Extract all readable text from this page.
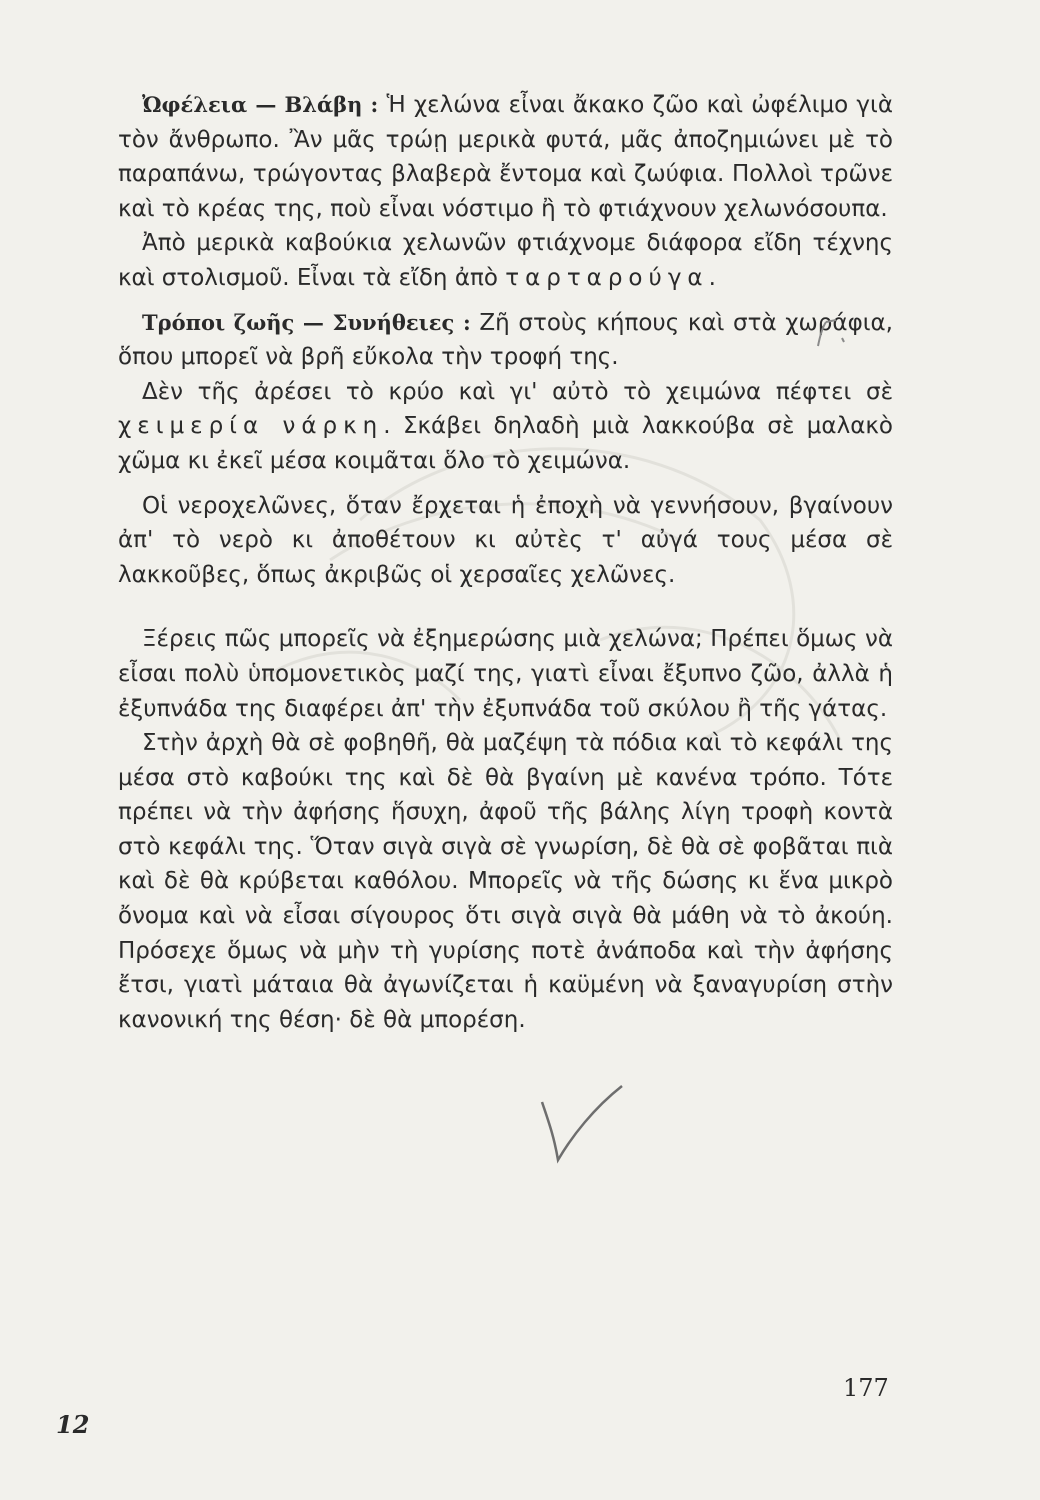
Ὠφέλεια — Βλάβη : Ἡ χελώνα εἶναι ἄκακο ζῶο καὶ ὠφέλιμο γιὰ τὸν ἄνθρωπο. Ἂν μᾶς τρώῃ μερικὰ φυτά, μᾶς ἀποζημιώνει μὲ τὸ παραπάνω, τρώγοντας βλαβερὰ ἔντομα καὶ ζωύφια. Πολλοὶ τρῶνε καὶ τὸ κρέας της, ποὺ εἶναι νόστιμο ἢ τὸ φτιάχνουν χελωνόσουπα.

Ἀπὸ μερικὰ καβούκια χελωνῶν φτιάχνομε διάφορα εἴδη τέχνης καὶ στολισμοῦ. Εἶναι τὰ εἴδη ἀπὸ ταρταρούγα.

Τρόποι ζωῆς — Συνήθειες : Ζῆ στοὺς κήπους καὶ στὰ χωράφια, ὅπου μπορεῖ νὰ βρῆ εὔκολα τὴν τροφή της.

Δὲν τῆς ἀρέσει τὸ κρύο καὶ γι' αὐτὸ τὸ χειμώνα πέφτει σὲ χειμερία νάρκη. Σκάβει δηλαδὴ μιὰ λακκούβα σὲ μαλακὸ χῶμα κι ἐκεῖ μέσα κοιμᾶται ὅλο τὸ χειμώνα.

Οἱ νεροχελῶνες, ὅταν ἔρχεται ἡ ἐποχὴ νὰ γεννήσουν, βγαίνουν ἀπ' τὸ νερὸ κι ἀποθέτουν κι αὐτὲς τ' αὐγά τους μέσα σὲ λακκοῦβες, ὅπως ἀκριβῶς οἱ χερσαῖες χελῶνες.

Ξέρεις πῶς μπορεῖς νὰ ἐξημερώσης μιὰ χελώνα; Πρέπει ὅμως νὰ εἶσαι πολὺ ὑπομονετικὸς μαζί της, γιατὶ εἶναι ἔξυπνο ζῶο, ἀλλὰ ἡ ἐξυπνάδα της διαφέρει ἀπ' τὴν ἐξυπνάδα τοῦ σκύλου ἢ τῆς γάτας.

Στὴν ἀρχὴ θὰ σὲ φοβηθῆ, θὰ μαζέψη τὰ πόδια καὶ τὸ κεφάλι της μέσα στὸ καβούκι της καὶ δὲ θὰ βγαίνη μὲ κανένα τρόπο. Τότε πρέπει νὰ τὴν ἀφήσης ἥσυχη, ἀφοῦ τῆς βάλης λίγη τροφὴ κοντὰ στὸ κεφάλι της. Ὅταν σιγὰ σιγὰ σὲ γνωρίση, δὲ θὰ σὲ φοβᾶται πιὰ καὶ δὲ θὰ κρύβεται καθόλου. Μπορεῖς νὰ τῆς δώσης κι ἕνα μικρὸ ὄνομα καὶ νὰ εἶσαι σίγουρος ὅτι σιγὰ σιγὰ θὰ μάθη νὰ τὸ ἀκούη. Πρόσεχε ὅμως νὰ μὴν τὴ γυρίσης ποτὲ ἀνάποδα καὶ τὴν ἀφήσης ἔτσι, γιατὶ μάταια θὰ ἀγωνίζεται ἡ καϋμένη νὰ ξαναγυρίση στὴν κανονική της θέση· δὲ θὰ μπορέση.

177
12
